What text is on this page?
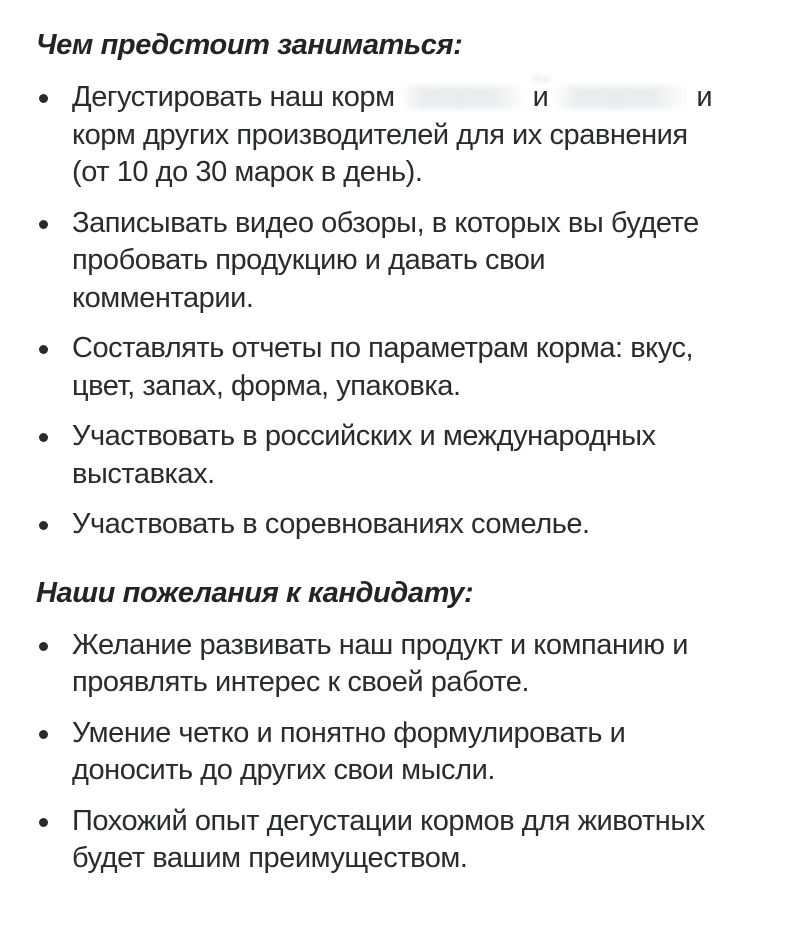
Чем предстоит заниматься:
Дегустировать наш корм	и	и
корм других производителей для их сравнения
(от 10 до 30 марок в день).
Записывать видео обзоры, в которых вы будете
пробовать продукцию и давать свои
комментарии.
Составлять отчеты по параметрам корма: вкус,
цвет, запах, форма, упаковка.
Участвовать в российских и международных
выставках.
Участвовать в соревнованиях сомелье.
Наши пожелания к кандидату:
Желание развивать наш продукт и компанию и
проявлять интерес к своей работе.
Умение четко и понятно формулировать и
доносить до других свои мысли.
Похожий опыт дегустации кормов для животных
будет вашим преимуществом.
